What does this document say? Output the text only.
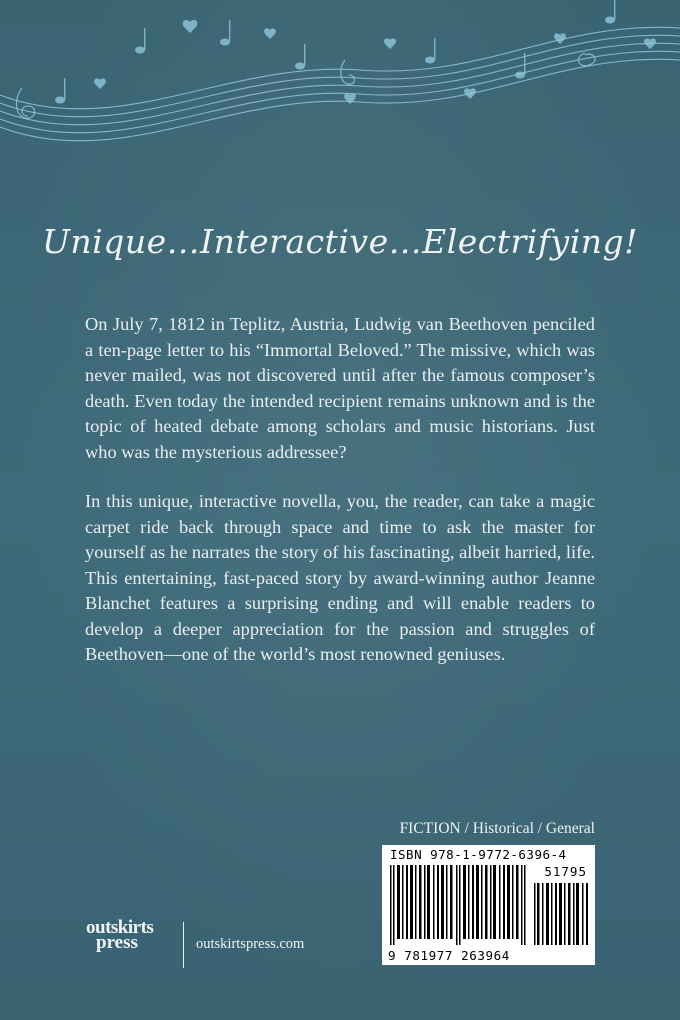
Unique…Interactive…Electrifying!

On July 7, 1812 in Teplitz, Austria, Ludwig van Beethoven penciled a ten-page letter to his “Immortal Beloved.” The missive, which was never mailed, was not discovered until after the famous composer’s death. Even today the intended recipient remains unknown and is the topic of heated debate among scholars and music historians. Just who was the mysterious addressee?

In this unique, interactive novella, you, the reader, can take a magic carpet ride back through space and time to ask the master for yourself as he narrates the story of his fascinating, albeit harried, life. This entertaining, fast-paced story by award-winning author Jeanne Blanchet features a surprising ending and will enable readers to develop a deeper appreciation for the passion and struggles of Beethoven—one of the world’s most renowned geniuses.

FICTION / Historical / General
ISBN 978-1-9772-6396-4
51795
9 781977 263964
outskirts
press	outskirtspress.com
